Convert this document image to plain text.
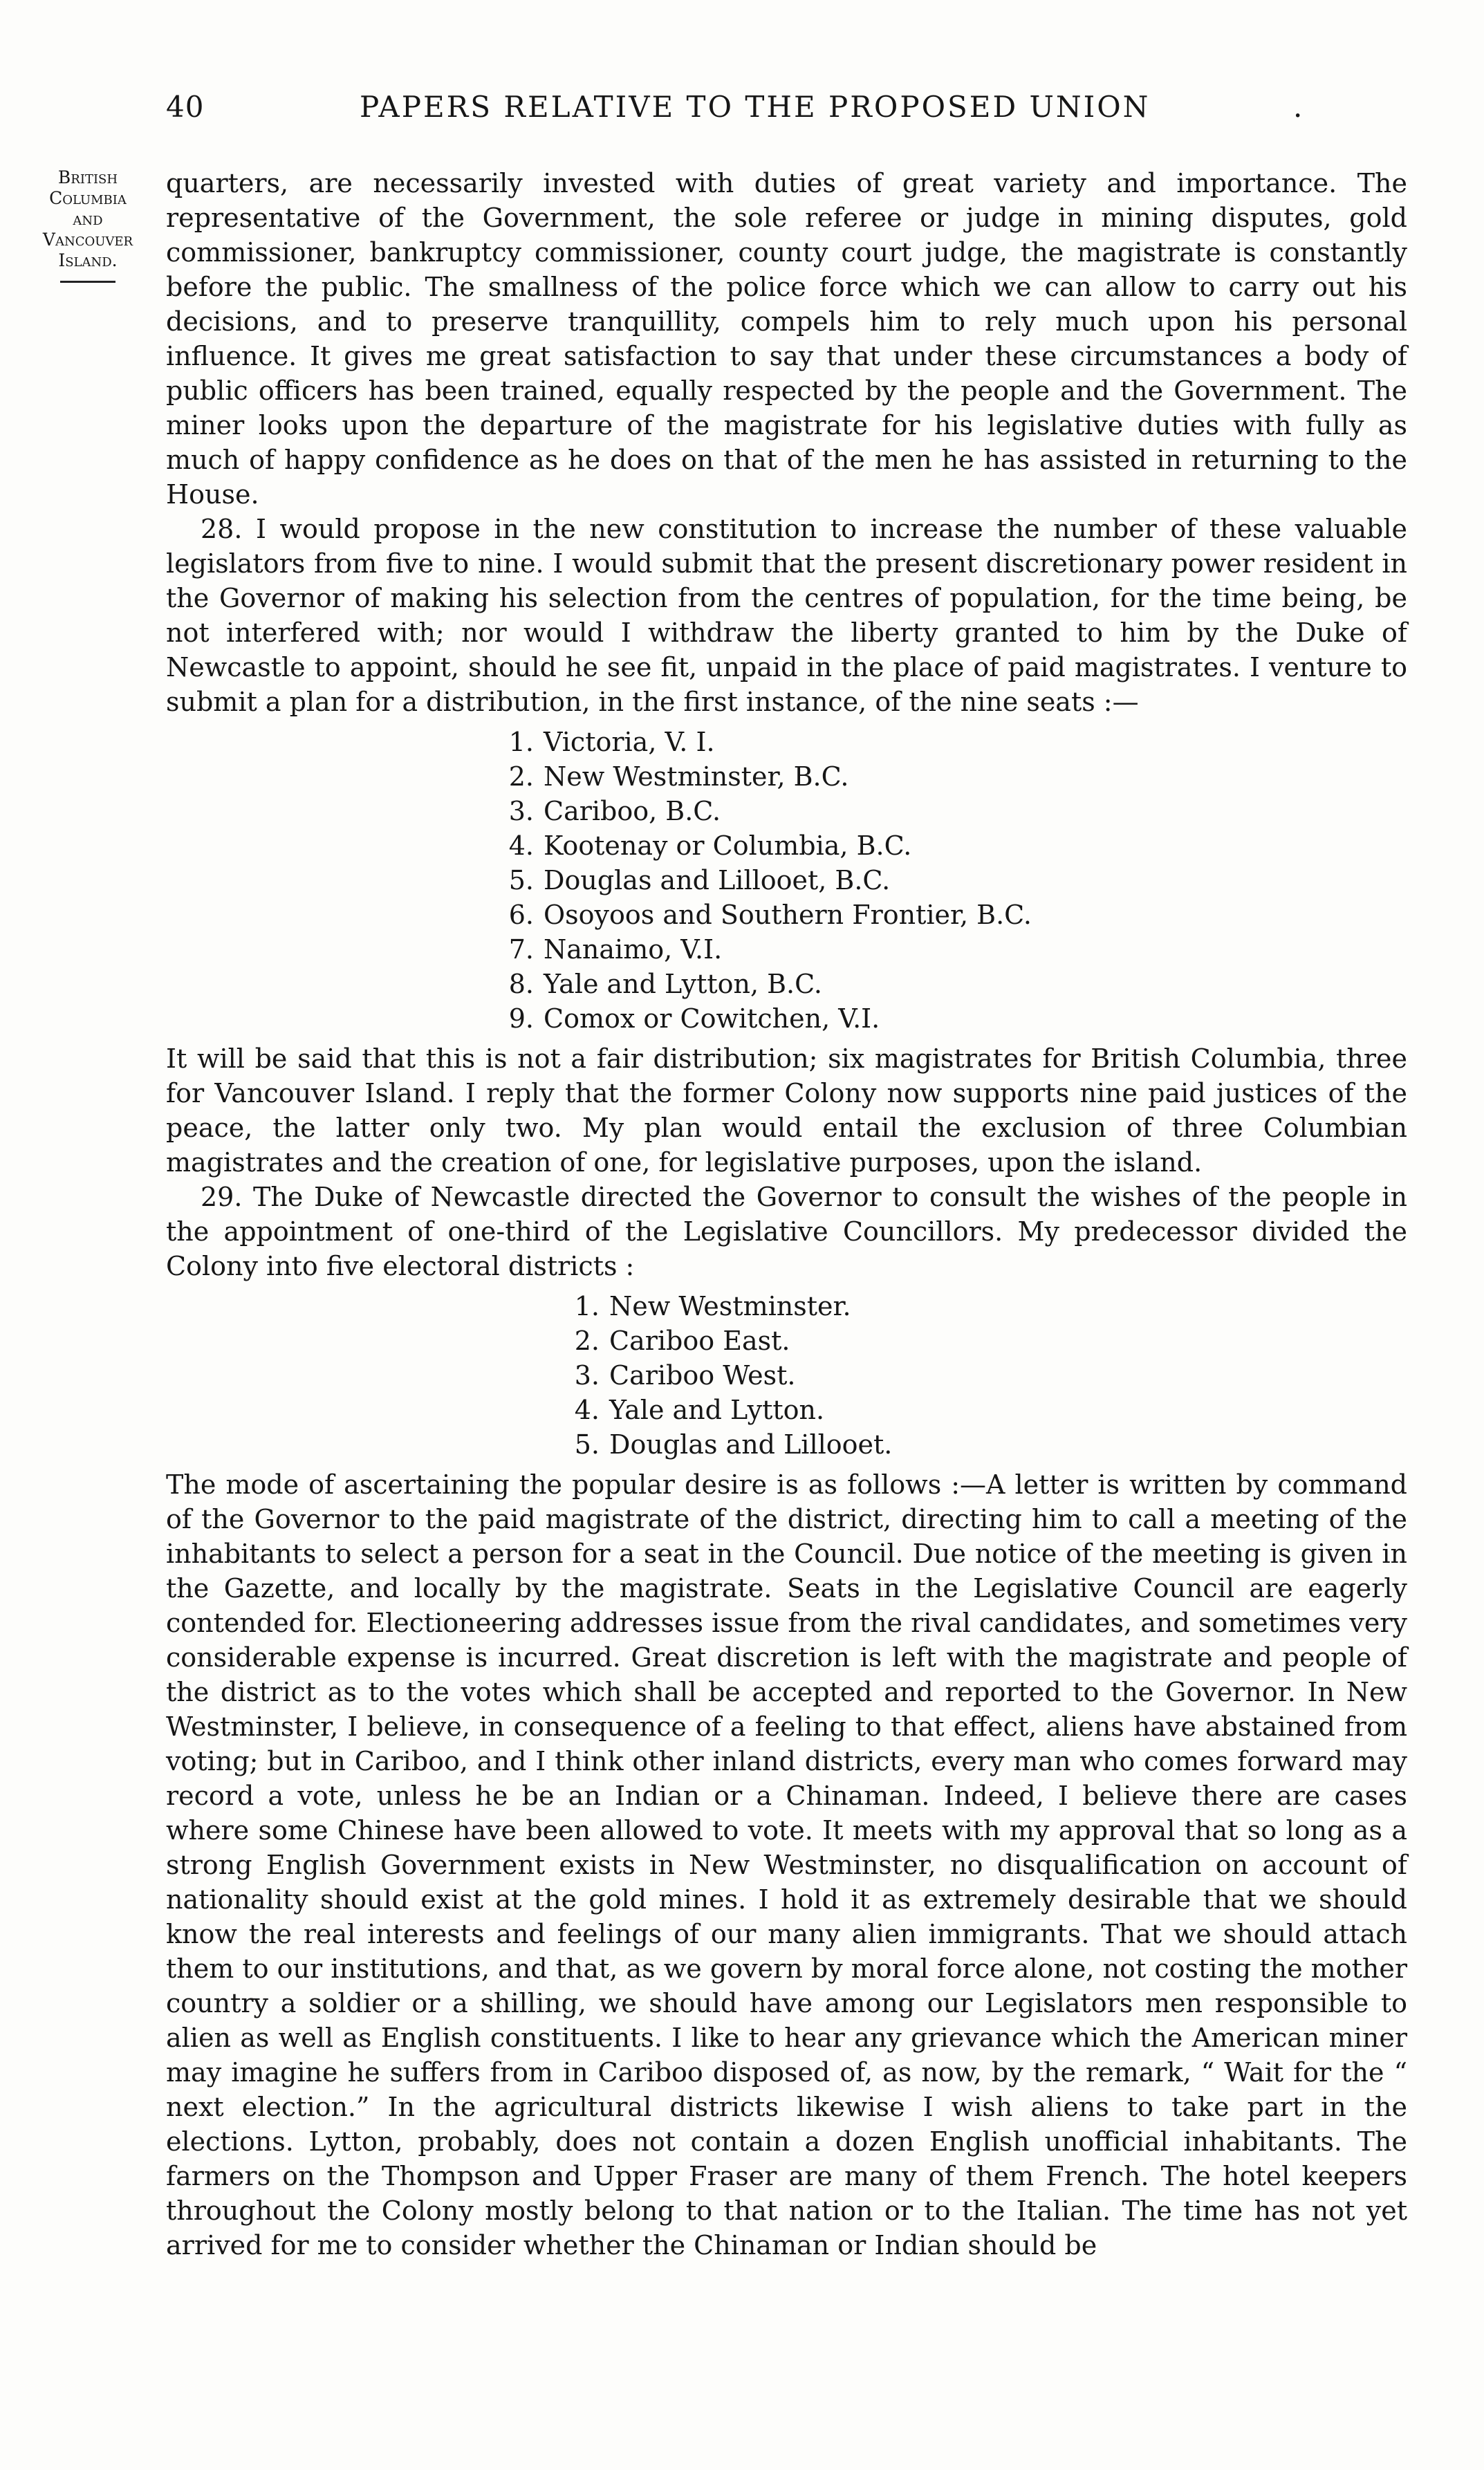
40	PAPERS RELATIVE TO THE PROPOSED UNION	.
British
Columbia
and
Vancouver
Island.

quarters, are necessarily invested with duties of great variety and importance. The representative of the Government, the sole referee or judge in mining disputes, gold commissioner, bankruptcy commissioner, county court judge, the magistrate is constantly before the public. The smallness of the police force which we can allow to carry out his decisions, and to preserve tranquillity, compels him to rely much upon his personal influence. It gives me great satisfaction to say that under these circumstances a body of public officers has been trained, equally respected by the people and the Government. The miner looks upon the departure of the magistrate for his legislative duties with fully as much of happy confidence as he does on that of the men he has assisted in returning to the House.

28. I would propose in the new constitution to increase the number of these valuable legislators from five to nine. I would submit that the present discretionary power resident in the Governor of making his selection from the centres of population, for the time being, be not interfered with; nor would I withdraw the liberty granted to him by the Duke of Newcastle to appoint, should he see fit, unpaid in the place of paid magistrates. I venture to submit a plan for a distribution, in the first instance, of the nine seats :—

1. Victoria, V. I.
2. New Westminster, B.C.
3. Cariboo, B.C.
4. Kootenay or Columbia, B.C.
5. Douglas and Lillooet, B.C.
6. Osoyoos and Southern Frontier, B.C.
7. Nanaimo, V.I.
8. Yale and Lytton, B.C.
9. Comox or Cowitchen, V.I.

It will be said that this is not a fair distribution; six magistrates for British Columbia, three for Vancouver Island. I reply that the former Colony now supports nine paid justices of the peace, the latter only two. My plan would entail the exclusion of three Columbian magistrates and the creation of one, for legislative purposes, upon the island.

29. The Duke of Newcastle directed the Governor to consult the wishes of the people in the appointment of one-third of the Legislative Councillors. My predecessor divided the Colony into five electoral districts :

1. New Westminster.
2. Cariboo East.
3. Cariboo West.
4. Yale and Lytton.
5. Douglas and Lillooet.

The mode of ascertaining the popular desire is as follows :—A letter is written by command of the Governor to the paid magistrate of the district, directing him to call a meeting of the inhabitants to select a person for a seat in the Council. Due notice of the meeting is given in the Gazette, and locally by the magistrate. Seats in the Legislative Council are eagerly contended for. Electioneering addresses issue from the rival candidates, and sometimes very considerable expense is incurred. Great discretion is left with the magistrate and people of the district as to the votes which shall be accepted and reported to the Governor. In New Westminster, I believe, in consequence of a feeling to that effect, aliens have abstained from voting; but in Cariboo, and I think other inland districts, every man who comes forward may record a vote, unless he be an Indian or a Chinaman. Indeed, I believe there are cases where some Chinese have been allowed to vote. It meets with my approval that so long as a strong English Government exists in New Westminster, no disqualification on account of nationality should exist at the gold mines. I hold it as extremely desirable that we should know the real interests and feelings of our many alien immigrants. That we should attach them to our institutions, and that, as we govern by moral force alone, not costing the mother country a soldier or a shilling, we should have among our Legislators men responsible to alien as well as English constituents. I like to hear any grievance which the American miner may imagine he suffers from in Cariboo disposed of, as now, by the remark, “ Wait for the “ next election.” In the agricultural districts likewise I wish aliens to take part in the elections. Lytton, probably, does not contain a dozen English unofficial inhabitants. The farmers on the Thompson and Upper Fraser are many of them French. The hotel keepers throughout the Colony mostly belong to that nation or to the Italian. The time has not yet arrived for me to consider whether the Chinaman or Indian should be
